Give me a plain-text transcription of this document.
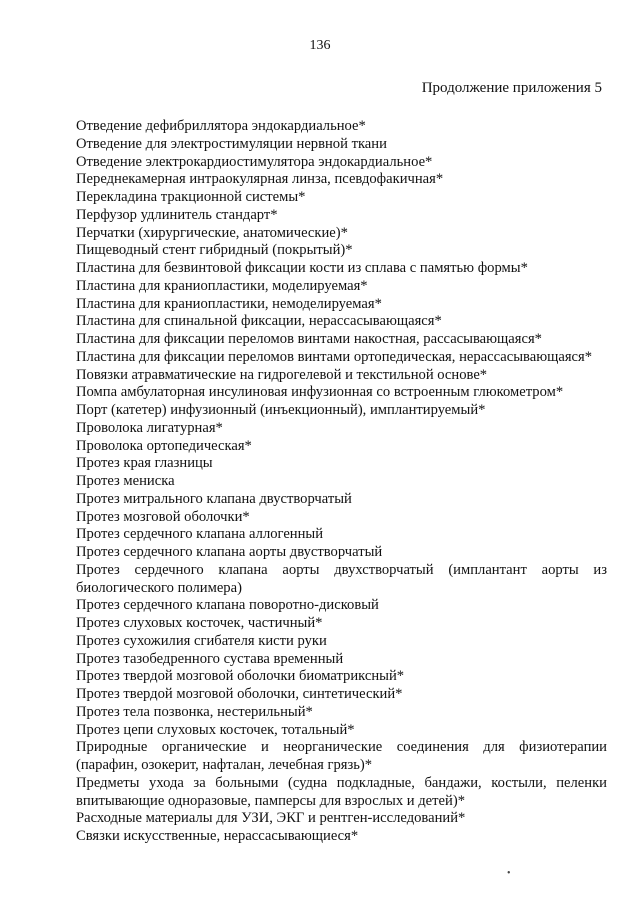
136
Продолжение приложения 5
Отведение дефибриллятора эндокардиальное*
Отведение для электростимуляции нервной ткани
Отведение электрокардиостимулятора эндокардиальное*
Переднекамерная интраокулярная линза, псевдофакичная*
Перекладина тракционной системы*
Перфузор удлинитель стандарт*
Перчатки (хирургические, анатомические)*
Пищеводный стент гибридный (покрытый)*
Пластина для безвинтовой фиксации кости из сплава с памятью формы*
Пластина для краниопластики, моделируемая*
Пластина для краниопластики, немоделируемая*
Пластина для спинальной фиксации, нерассасывающаяся*
Пластина для фиксации переломов винтами накостная, рассасывающаяся*
Пластина для фиксации переломов винтами ортопедическая, нерассасывающаяся*
Повязки атравматические на гидрогелевой и текстильной основе*
Помпа амбулаторная инсулиновая инфузионная со встроенным глюкометром*
Порт (катетер) инфузионный (инъекционный), имплантируемый*
Проволока лигатурная*
Проволока ортопедическая*
Протез края глазницы
Протез мениска
Протез митрального клапана двустворчатый
Протез мозговой оболочки*
Протез сердечного клапана аллогенный
Протез сердечного клапана аорты двустворчатый
Протез сердечного клапана аорты двухстворчатый (имплантант аорты из биологического полимера)
Протез сердечного клапана поворотно-дисковый
Протез слуховых косточек, частичный*
Протез сухожилия сгибателя кисти руки
Протез тазобедренного сустава временный
Протез твердой мозговой оболочки биоматриксный*
Протез твердой мозговой оболочки, синтетический*
Протез тела позвонка, нестерильный*
Протез цепи слуховых косточек, тотальный*
Природные органические и неорганические соединения для физиотерапии (парафин, озокерит, нафталан, лечебная грязь)*
Предметы ухода за больными (судна подкладные, бандажи, костыли, пеленки впитывающие одноразовые, памперсы для взрослых и детей)*
Расходные материалы для УЗИ, ЭКГ и рентген-исследований*
Связки искусственные, нерассасывающиеся*
•
